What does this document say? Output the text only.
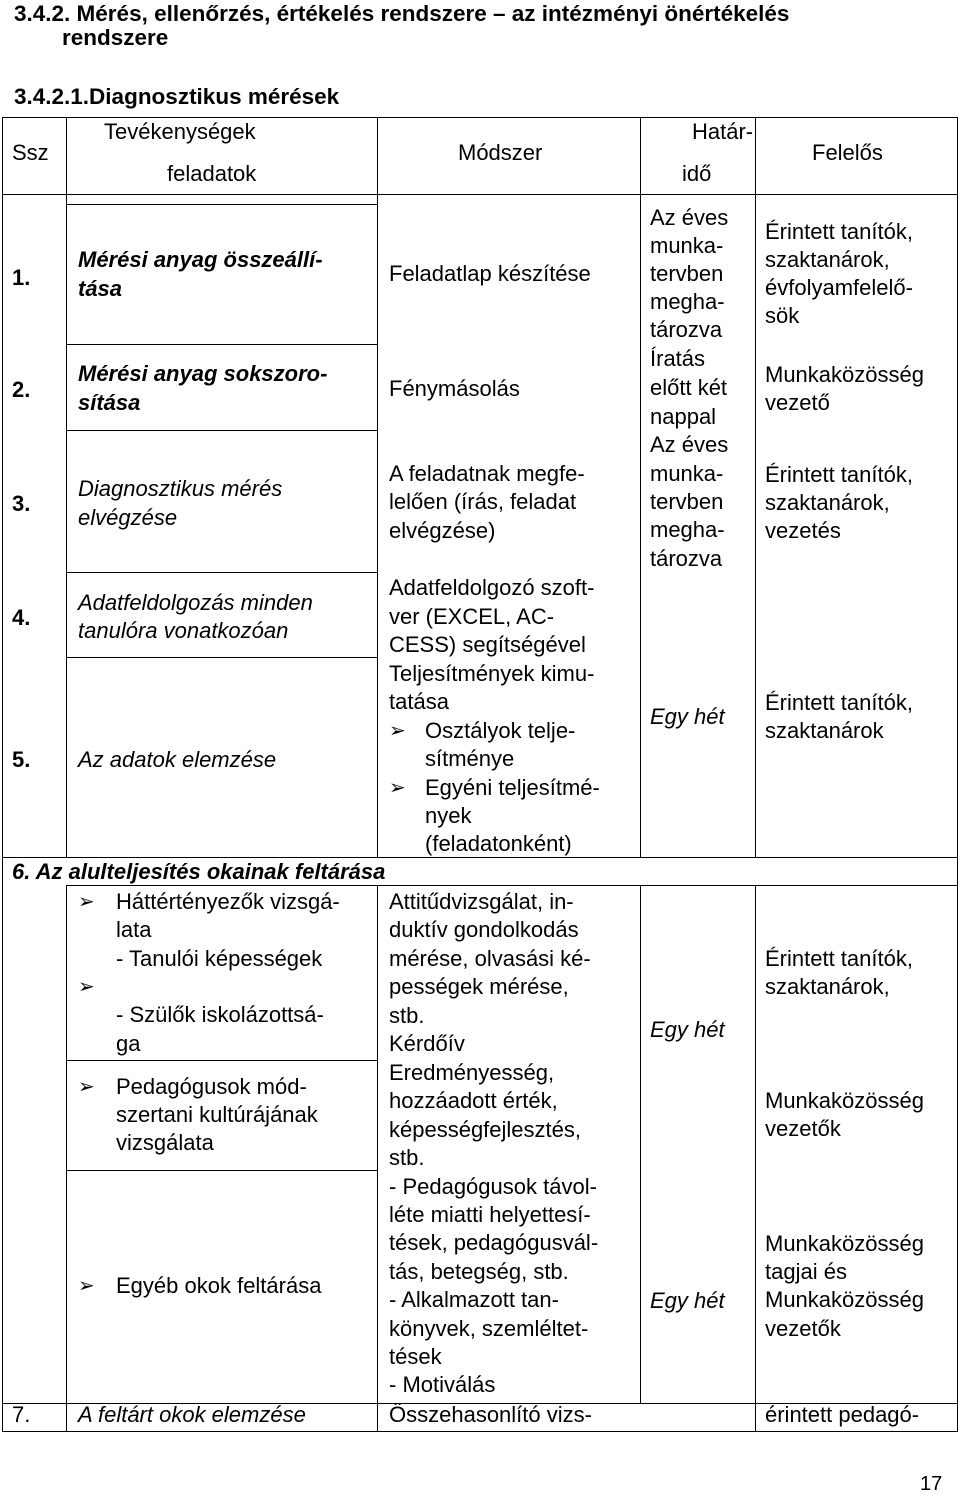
3.4.2. Mérés, ellenőrzés, értékelés rendszere – az intézményi önértékelés
rendszere
3.4.2.1.Diagnosztikus mérések
Ssz
Tevékenységek
feladatok
Módszer
Határ-
idő
Felelős
1.
Mérési anyag összeállí-
tása
Feladatlap készítése
Az éves
munka-
tervben
megha-
tározva
Érintett tanítók,
szaktanárok,
évfolyamfelelő-
sök
2.
Mérési anyag sokszoro-
sítása
Fénymásolás
Íratás
előtt két
nappal
Munkaközösség
vezető
3.
Diagnosztikus mérés
elvégzése
A feladatnak megfe-
lelően (írás, feladat
elvégzése)
Az éves
munka-
tervben
megha-
tározva
Érintett tanítók,
szaktanárok,
vezetés
4.
Adatfeldolgozás minden
tanulóra vonatkozóan
Adatfeldolgozó szoft-
ver (EXCEL, AC-
CESS) segítségével
5. Az adatok elemzése
Teljesítmények kimu-
tatása
➢ Osztályok telje-
sítménye
➢ Egyéni teljesítmé-
nyek
(feladatonként)
Egy hét
Érintett tanítók,
szaktanárok
6. Az alulteljesítés okainak feltárása
➢ Háttértényezők vizsgá-
lata
- Tanulói képességek
➢
- Szülők iskolázottsá-
ga
Attitűdvizsgálat, in-
duktív gondolkodás
mérése, olvasási ké-
pességek mérése,
stb.
Kérdőív
Egy hét
Érintett tanítók,
szaktanárok,
➢ Pedagógusok mód-
szertani kultúrájának
vizsgálata
Eredményesség,
hozzáadott érték,
képességfejlesztés,
stb.
Munkaközösség
vezetők
➢ Egyéb okok feltárása
- Pedagógusok távol-
léte miatti helyettesí-
tések, pedagógusvál-
tás, betegség, stb.
- Alkalmazott tan-
könyvek, szemléltet-
tések
- Motiválás
Egy hét
Munkaközösség
tagjai és
Munkaközösség
vezetők
7. A feltárt okok elemzése	Összehasonlító vizs-	érintett pedagó-
17
